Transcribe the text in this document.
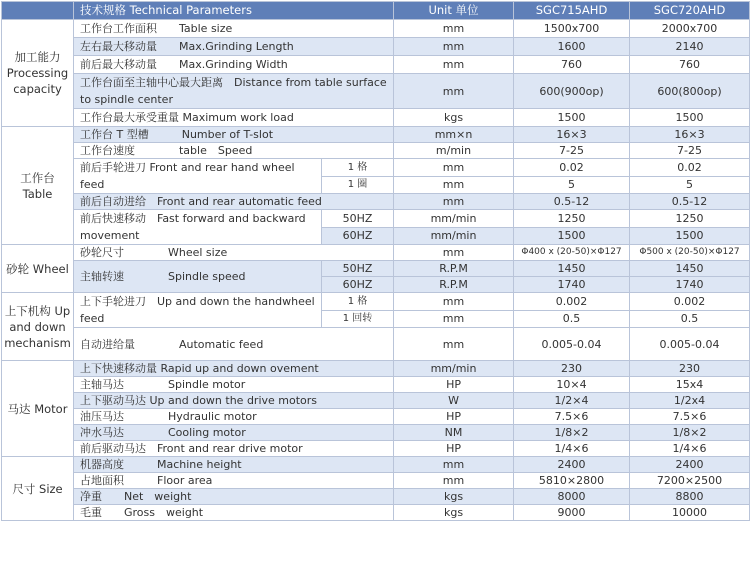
	技术规格 Technical Parameters		Unit 单位	SGC715AHD	SGC720AHD	
加工能力 Processing capacity	工作台工作面积　　Table size		mm	1500x700	2000x700	
	左右最大移动量　　Max.Grinding Length		mm	1600	2140	
	前后最大移动量　　Max.Grinding Width		mm	760	760	
	工作台面至主轴中心最大距离　Distance from table surface to spindle center		mm	600(900op)	600(800op)	
	工作台最大承受重量 Maximum work load		kgs	1500	1500	
工作台 Table	工作台 T 型槽　　　Number of T-slot		mm×n	16×3	16×3	
	工作台速度　　　　table　Speed		m/min	7-25	7-25	
	前后手轮进刀 Front and rear hand wheel feed	1 格	mm	0.02	0.02	
		1 圈	mm	5	5	
	前后自动进给　Front and rear automatic feed		mm	0.5-12	0.5-12	
	前后快速移动　Fast forward and backward movement	50HZ	mm/min	1250	1250	
		60HZ	mm/min	1500	1500	
砂轮 Wheel	砂轮尺寸　　　　Wheel size		mm	Φ400 x (20-50)×Φ127	Φ500 x (20-50)×Φ127	
	主轴转速　　　　Spindle speed	50HZ	R.P.M	1450	1450	
		60HZ	R.P.M	1740	1740	
上下机构 Up and down mechanism	上下手轮进刀　Up and down the handwheel feed	1 格	mm	0.002	0.002	
		1 回转	mm	0.5	0.5	
	自动进给量　　　　Automatic feed		mm	0.005-0.04	0.005-0.04	
马达 Motor	上下快速移动量 Rapid up and down ovement		mm/min	230	230	
	主轴马达　　　　Spindle motor		HP	10×4	15x4	
	上下驱动马达 Up and down the drive motors		W	1/2×4	1/2x4	
	油压马达　　　　Hydraulic motor		HP	7.5×6	7.5×6	
	冲水马达　　　　Cooling motor		NM	1/8×2	1/8×2	
	前后驱动马达　Front and rear drive motor		HP	1/4×6	1/4×6	
尺寸 Size	机器高度　　　Machine height		mm	2400	2400	
	占地面积　　　Floor area		mm	5810×2800	7200×2500	
	净重　　Net　weight		kgs	8000	8800	
	毛重　　Gross　weight		kgs	9000	10000	
